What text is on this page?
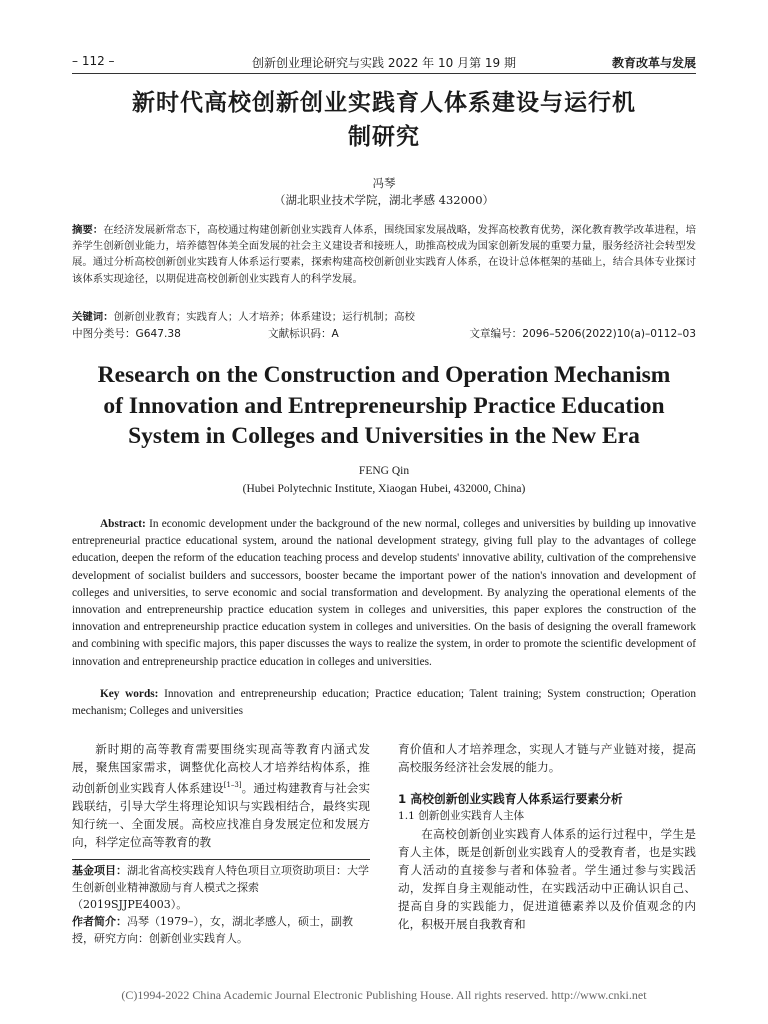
– 112 –	创新创业理论研究与实践 2022 年 10 月第 19 期	教育改革与发展
新时代高校创新创业实践育人体系建设与运行机
制研究
冯琴
（湖北职业技术学院，湖北孝感 432000）
摘要：在经济发展新常态下，高校通过构建创新创业实践育人体系，围绕国家发展战略，发挥高校教育优势，深化教育教学改革进程，培养学生创新创业能力，培养德智体美全面发展的社会主义建设者和接班人，助推高校成为国家创新发展的重要力量，服务经济社会转型发展。通过分析高校创新创业实践育人体系运行要素，探索构建高校创新创业实践育人体系，在设计总体框架的基础上，结合具体专业探讨该体系实现途径，以期促进高校创新创业实践育人的科学发展。
关键词：创新创业教育；实践育人；人才培养；体系建设；运行机制；高校
中图分类号：G647.38	文献标识码：A	文章编号：2096–5206(2022)10(a)–0112–03
Research on the Construction and Operation Mechanism
of Innovation and Entrepreneurship Practice Education
System in Colleges and Universities in the New Era
FENG Qin
(Hubei Polytechnic Institute, Xiaogan Hubei, 432000, China)
Abstract: In economic development under the background of the new normal, colleges and universities by building up innovative entrepreneurial practice educational system, around the national development strategy, giving full play to the advantages of college education, deepen the reform of the education teaching process and develop students' innovative ability, cultivation of the comprehensive development of socialist builders and successors, booster became the important power of the nation's innovation and development of colleges and universities, to serve economic and social transformation and development. By analyzing the operational elements of the innovation and entrepreneurship practice education system in colleges and universities, this paper explores the construction of the innovation and entrepreneurship practice education system in colleges and universities. On the basis of designing the overall framework and combining with specific majors, this paper discusses the ways to realize the system, in order to promote the scientific development of innovation and entrepreneurship practice education in colleges and universities.
Key words: Innovation and entrepreneurship education; Practice education; Talent training; System construction; Operation mechanism; Colleges and universities

新时期的高等教育需要围绕实现高等教育内涵式发展，聚焦国家需求，调整优化高校人才培养结构体系，推动创新创业实践育人体系建设[1–3]。通过构建教育与社会实践联结，引导大学生将理论知识与实践相结合，最终实现知行统一、全面发展。高校应找准自身发展定位和发展方向，科学定位高等教育的教

基金项目：湖北省高校实践育人特色项目立项资助项目：大学生创新创业精神激励与育人模式之探索（2019SJJPE4003）。
作者简介：冯琴（1979–），女，湖北孝感人，硕士，副教授，研究方向：创新创业实践育人。

育价值和人才培养理念，实现人才链与产业链对接，提高高校服务经济社会发展的能力。

1 高校创新创业实践育人体系运行要素分析
1.1 创新创业实践育人主体

在高校创新创业实践育人体系的运行过程中，学生是育人主体，既是创新创业实践育人的受教育者，也是实践育人活动的直接参与者和体验者。学生通过参与实践活动，发挥自身主观能动性，在实践活动中正确认识自己、提高自身的实践能力，促进道德素养以及价值观念的内化，积极开展自我教育和

(C)1994-2022 China Academic Journal Electronic Publishing House. All rights reserved. http://www.cnki.net
